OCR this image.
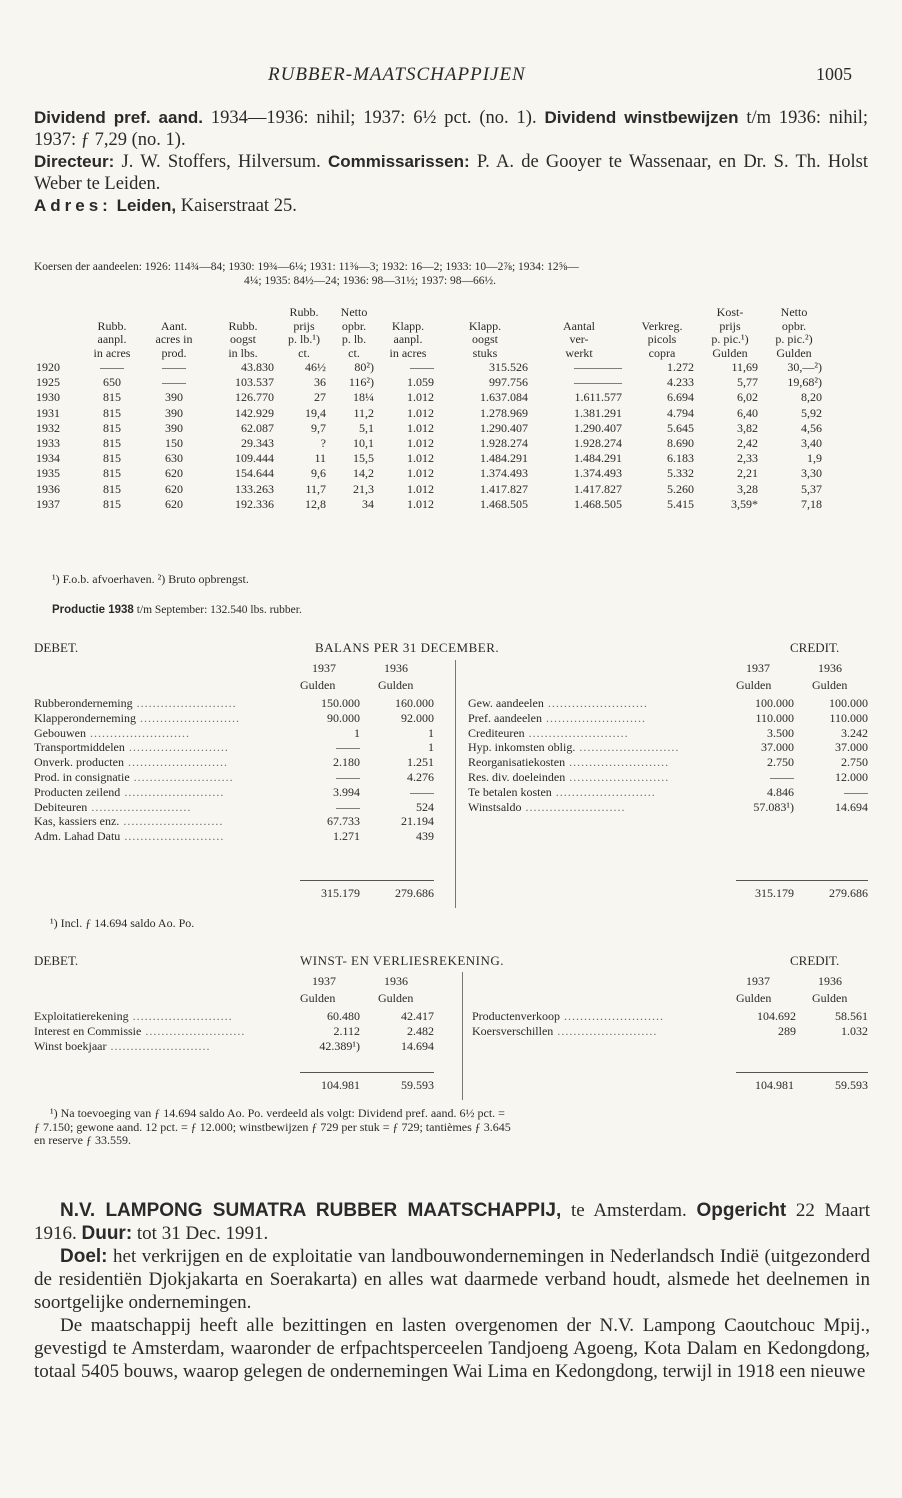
RUBBER-MAATSCHAPPIJEN	1005
Dividend pref. aand. 1934—1936: nihil; 1937: 6½ pct. (no. 1). Dividend winstbewijzen t/m 1936: nihil; 1937: ƒ 7,29 (no. 1).
Directeur: J. W. Stoffers, Hilversum. Commissarissen: P. A. de Gooyer te Wassenaar, en Dr. S. Th. Holst Weber te Leiden.
Adres: Leiden, Kaiserstraat 25.
Koersen der aandeelen: 1926: 114¾—84; 1930: 19¾—6¼; 1931: 11⅜—3; 1932: 16—2; 1933: 10—2⅞; 1934: 12⅝—
4¼; 1935: 84½—24; 1936: 98—31½; 1937: 98—66½.
				Rubb.	Netto					Kost-	Netto
	Rubb.	Aant.	Rubb.	prijs	opbr.	Klapp.	Klapp.	Aantal	Verkreg.	prijs	opbr.
	aanpl.	acres in	oogst	p. lb.¹)	p. lb.	aanpl.	oogst	ver-	picols	p. pic.¹)	p. pic.²)
	in acres	prod.	in lbs.	ct.	ct.	in acres	stuks	werkt	copra	Gulden	Gulden
1920	——	——	43.830	46½	80²)	——	315.526	————	1.272	11,69	30,—²)
1925	650	——	103.537	36	116²)	1.059	997.756	————	4.233	5,77	19,68²)
1930	815	390	126.770	27	18¼	1.012	1.637.084	1.611.577	6.694	6,02	8,20
1931	815	390	142.929	19,4	11,2	1.012	1.278.969	1.381.291	4.794	6,40	5,92
1932	815	390	62.087	9,7	5,1	1.012	1.290.407	1.290.407	5.645	3,82	4,56
1933	815	150	29.343	?	10,1	1.012	1.928.274	1.928.274	8.690	2,42	3,40
1934	815	630	109.444	11	15,5	1.012	1.484.291	1.484.291	6.183	2,33	1,9
1935	815	620	154.644	9,6	14,2	1.012	1.374.493	1.374.493	5.332	2,21	3,30
1936	815	620	133.263	11,7	21,3	1.012	1.417.827	1.417.827	5.260	3,28	5,37
1937	815	620	192.336	12,8	34	1.012	1.468.505	1.468.505	5.415	3,59*	7,18
¹) F.o.b. afvoerhaven. ²) Bruto opbrengst.
Productie 1938 t/m September: 132.540 lbs. rubber.
DEBET.	BALANS PER 31 DECEMBER.	CREDIT.
1937	1936
Gulden	Gulden
1937	1936
Gulden	Gulden
Rubberonderneming .....	150.000	160.000
Klapperonderneming .....	90.000	92.000
Gebouwen .....	1	1
Transportmiddelen .....	——	1
Onverk. producten .....	2.180	1.251
Prod. in consignatie .....	——	4.276
Producten zeilend .....	3.994	——
Debiteuren .....	——	524
Kas, kassiers enz. .....	67.733	21.194
Adm. Lahad Datu .....	1.271	439
Gew. aandeelen .....	100.000	100.000
Pref. aandeelen .....	110.000	110.000
Crediteuren .....	3.500	3.242
Hyp. inkomsten oblig. .....	37.000	37.000
Reorganisatiekosten .....	2.750	2.750
Res. div. doeleinden .....	——	12.000
Te betalen kosten .....	4.846	——
Winstsaldo .....	57.083¹)	14.694
315.179	279.686	315.179	279.686
¹) Incl. ƒ 14.694 saldo Ao. Po.
DEBET.	WINST- EN VERLIESREKENING.	CREDIT.
1937	1936
Gulden	Gulden
1937	1936
Gulden	Gulden
Exploitatierekening .....	60.480	42.417
Interest en Commissie .....	2.112	2.482
Winst boekjaar .....	42.389¹)	14.694
Productenverkoop .....	104.692	58.561
Koersverschillen .....	289	1.032
104.981	59.593	104.981	59.593
¹) Na toevoeging van ƒ 14.694 saldo Ao. Po. verdeeld als volgt: Dividend pref. aand. 6½ pct. =
ƒ 7.150; gewone aand. 12 pct. = ƒ 12.000; winstbewijzen ƒ 729 per stuk = ƒ 729; tantièmes ƒ 3.645
en reserve ƒ 33.559.
N.V. LAMPONG SUMATRA RUBBER MAATSCHAPPIJ, te Amsterdam. Opgericht 22 Maart 1916. Duur: tot 31 Dec. 1991.
Doel: het verkrijgen en de exploitatie van landbouwondernemingen in Nederlandsch Indië (uitgezonderd de residentiën Djokjakarta en Soerakarta) en alles wat daarmede verband houdt, alsmede het deelnemen in soortgelijke ondernemingen.
De maatschappij heeft alle bezittingen en lasten overgenomen der N.V. Lampong Caoutchouc Mpij., gevestigd te Amsterdam, waaronder de erfpachtsperceelen Tandjoeng Agoeng, Kota Dalam en Kedongdong, totaal 5405 bouws, waarop gelegen de ondernemingen Wai Lima en Kedongdong, terwijl in 1918 een nieuwe
